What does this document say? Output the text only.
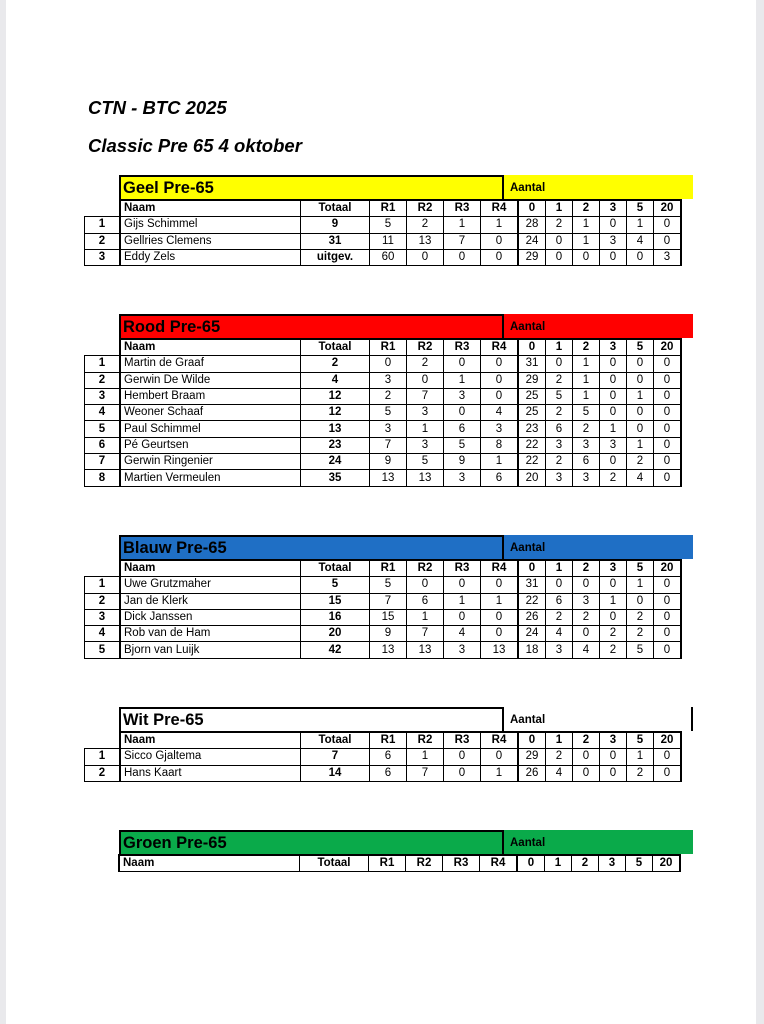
CTN - BTC 2025
Classic Pre 65 4 oktober
Geel Pre-65	Aantal
	Naam	Totaal	R1	R2	R3	R4	0	1	2	3	5	20
1	Gijs Schimmel	9	5	2	1	1	28	2	1	0	1	0
2	Gellries Clemens	31	11	13	7	0	24	0	1	3	4	0
3	Eddy Zels	uitgev.	60	0	0	0	29	0	0	0	0	3
Rood Pre-65	Aantal
	Naam	Totaal	R1	R2	R3	R4	0	1	2	3	5	20
1	Martin de Graaf	2	0	2	0	0	31	0	1	0	0	0
2	Gerwin De Wilde	4	3	0	1	0	29	2	1	0	0	0
3	Hembert Braam	12	2	7	3	0	25	5	1	0	1	0
4	Weoner Schaaf	12	5	3	0	4	25	2	5	0	0	0
5	Paul Schimmel	13	3	1	6	3	23	6	2	1	0	0
6	Pé Geurtsen	23	7	3	5	8	22	3	3	3	1	0
7	Gerwin Ringenier	24	9	5	9	1	22	2	6	0	2	0
8	Martien Vermeulen	35	13	13	3	6	20	3	3	2	4	0
Blauw Pre-65	Aantal
	Naam	Totaal	R1	R2	R3	R4	0	1	2	3	5	20
1	Uwe Grutzmaher	5	5	0	0	0	31	0	0	0	1	0
2	Jan de Klerk	15	7	6	1	1	22	6	3	1	0	0
3	Dick Janssen	16	15	1	0	0	26	2	2	0	2	0
4	Rob van de Ham	20	9	7	4	0	24	4	0	2	2	0
5	Bjorn van Luijk	42	13	13	3	13	18	3	4	2	5	0
Wit Pre-65	Aantal
	Naam	Totaal	R1	R2	R3	R4	0	1	2	3	5	20
1	Sicco Gjaltema	7	6	1	0	0	29	2	0	0	1	0
2	Hans Kaart	14	6	7	0	1	26	4	0	0	2	0
Groen Pre-65	Aantal
	Naam	Totaal	R1	R2	R3	R4	0	1	2	3	5	20
